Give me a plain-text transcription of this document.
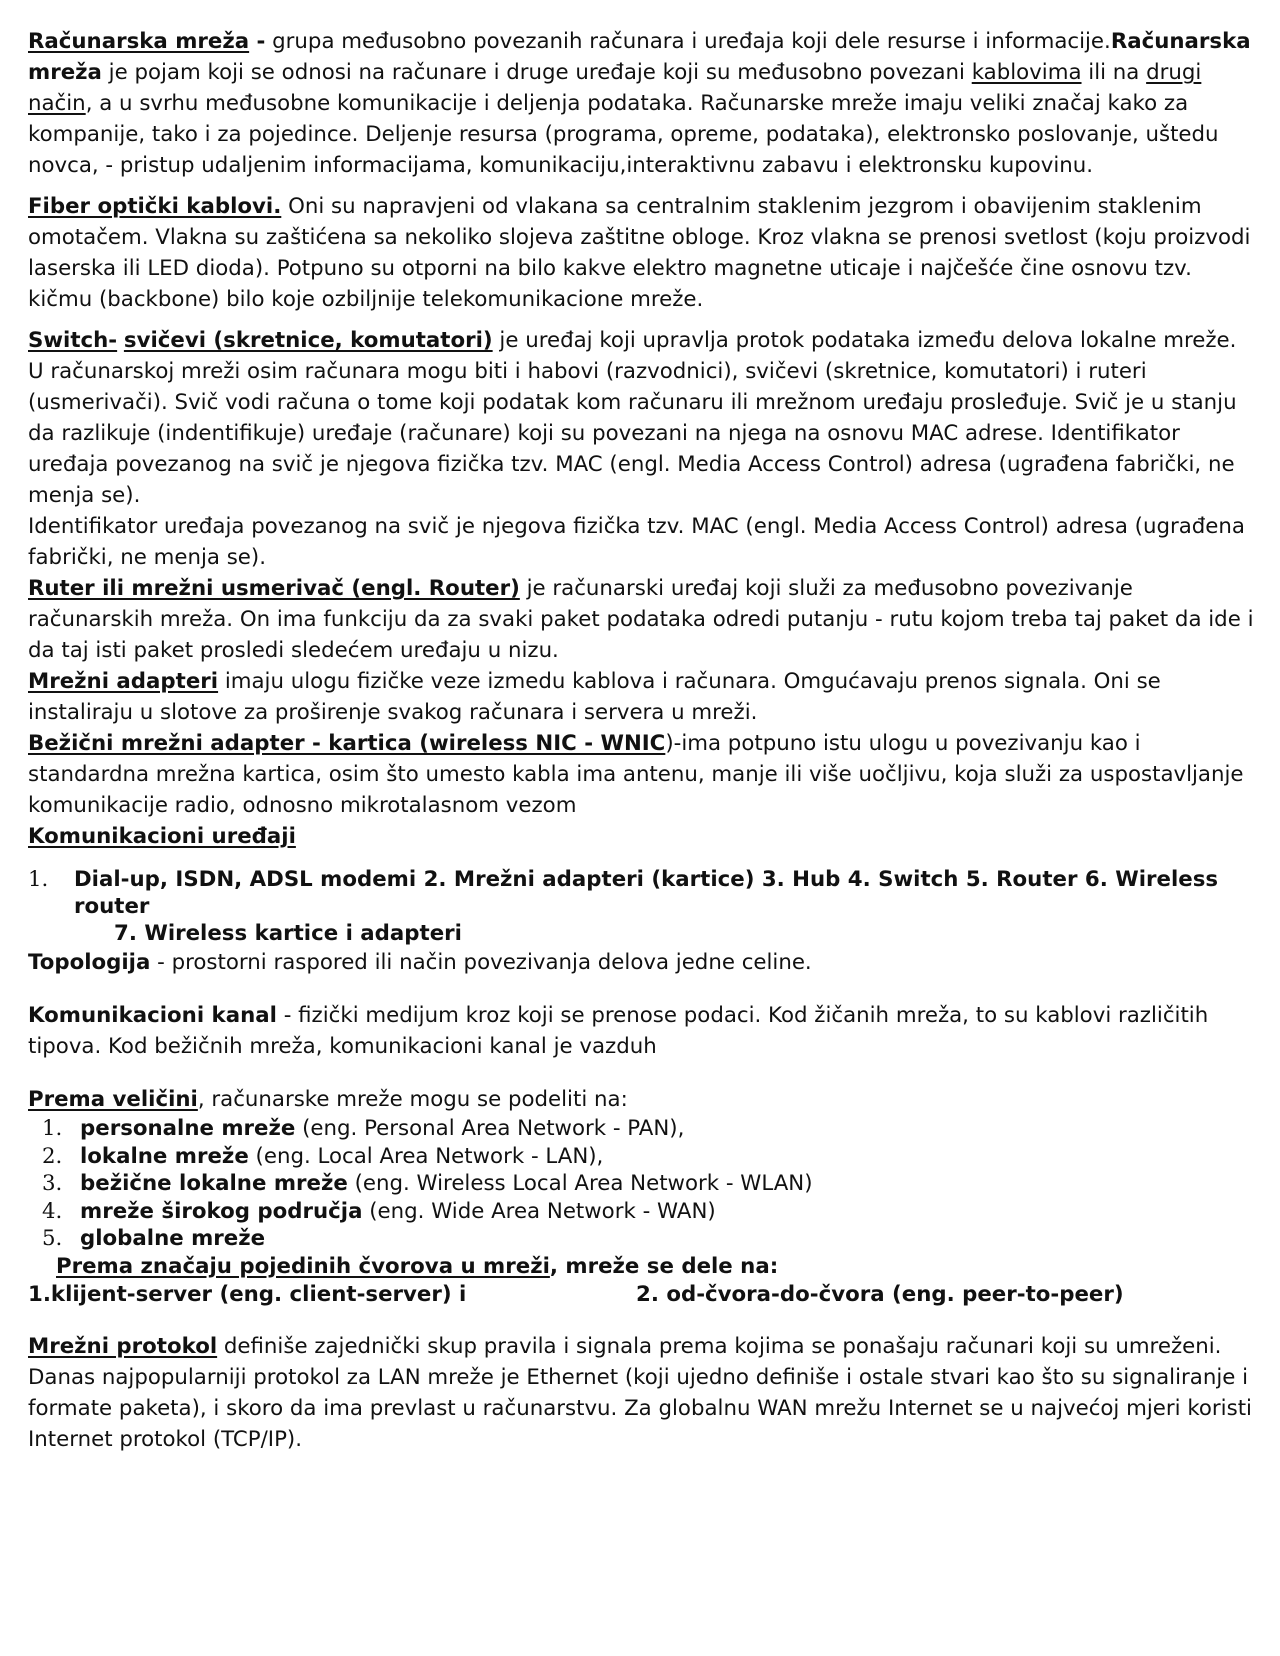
Računarska mreža - grupa međusobno povezanih računara i uređaja koji dele resurse i informacije.Računarska mreža je pojam koji se odnosi na računare i druge uređaje koji su međusobno povezani kablovima ili na drugi način, a u svrhu međusobne komunikacije i deljenja podataka. Računarske mreže imaju veliki značaj kako za kompanije, tako i za pojedince. Deljenje resursa (programa, opreme, podataka), elektronsko poslovanje, uštedu novca, - pristup udaljenim informacijama, komunikaciju,interaktivnu zabavu i elektronsku kupovinu.

Fiber optički kablovi. Oni su napravjeni od vlakana sa centralnim staklenim jezgrom i obavijenim staklenim omotačem. Vlakna su zaštićena sa nekoliko slojeva zaštitne obloge. Kroz vlakna se prenosi svetlost (koju proizvodi laserska ili LED dioda). Potpuno su otporni na bilo kakve elektro magnetne uticaje i najčešće čine osnovu tzv. kičmu (backbone) bilo koje ozbiljnije telekomunikacione mreže.

Switch- svičevi (skretnice, komutatori) je uređaj koji upravlja protok podataka između delova lokalne mreže. U računarskoj mreži osim računara mogu biti i habovi (razvodnici), svičevi (skretnice, komutatori) i ruteri (usmerivači). Svič vodi računa o tome koji podatak kom računaru ili mrežnom uređaju prosleđuje. Svič je u stanju da razlikuje (indentifikuje) uređaje (računare) koji su povezani na njega na osnovu MAC adrese. Identifikator uređaja povezanog na svič je njegova fizička tzv. MAC (engl. Media Access Control) adresa (ugrađena fabrički, ne menja se).

Identifikator uređaja povezanog na svič je njegova fizička tzv. MAC (engl. Media Access Control) adresa (ugrađena fabrički, ne menja se).

Ruter ili mrežni usmerivač (engl. Router) je računarski uređaj koji služi za međusobno povezivanje računarskih mreža. On ima funkciju da za svaki paket podataka odredi putanju - rutu kojom treba taj paket da ide i da taj isti paket prosledi sledećem uređaju u nizu.

Mrežni adapteri imaju ulogu fizičke veze izmedu kablova i računara. Omgućavaju prenos signala. Oni se instaliraju u slotove za proširenje svakog računara i servera u mreži.

Bežični mrežni adapter - kartica (wireless NIC - WNIC)-ima potpuno istu ulogu u povezivanju kao i standardna mrežna kartica, osim što umesto kabla ima antenu, manje ili više uočljivu, koja služi za uspostavljanje komunikacije radio, odnosno mikrotalasnom vezom

Komunikacioni uređaji

1. Dial-up, ISDN, ADSL modemi 2. Mrežni adapteri (kartice) 3. Hub 4. Switch 5. Router 6. Wireless router
7. Wireless kartice i adapteri

Topologija - prostorni raspored ili način povezivanja delova jedne celine.

Komunikacioni kanal - fizički medijum kroz koji se prenose podaci. Kod žičanih mreža, to su kablovi različitih tipova. Kod bežičnih mreža, komunikacioni kanal je vazduh

Prema veličini, računarske mreže mogu se podeliti na:

1. personalne mreže (eng. Personal Area Network - PAN),
2. lokalne mreže (eng. Local Area Network - LAN),
3. bežične lokalne mreže (eng. Wireless Local Area Network - WLAN)
4. mreže širokog područja (eng. Wide Area Network - WAN)
5. globalne mreže
Prema značaju pojedinih čvorova u mreži, mreže se dele na:
1.klijent-server (eng. client-server) i	2. od-čvora-do-čvora (eng. peer-to-peer)

Mrežni protokol definiše zajednički skup pravila i signala prema kojima se ponašaju računari koji su umreženi.

Danas najpopularniji protokol za LAN mreže je Ethernet (koji ujedno definiše i ostale stvari kao što su signaliranje i formate paketa), i skoro da ima prevlast u računarstvu. Za globalnu WAN mrežu Internet se u najvećoj mjeri koristi Internet protokol (TCP/IP).
